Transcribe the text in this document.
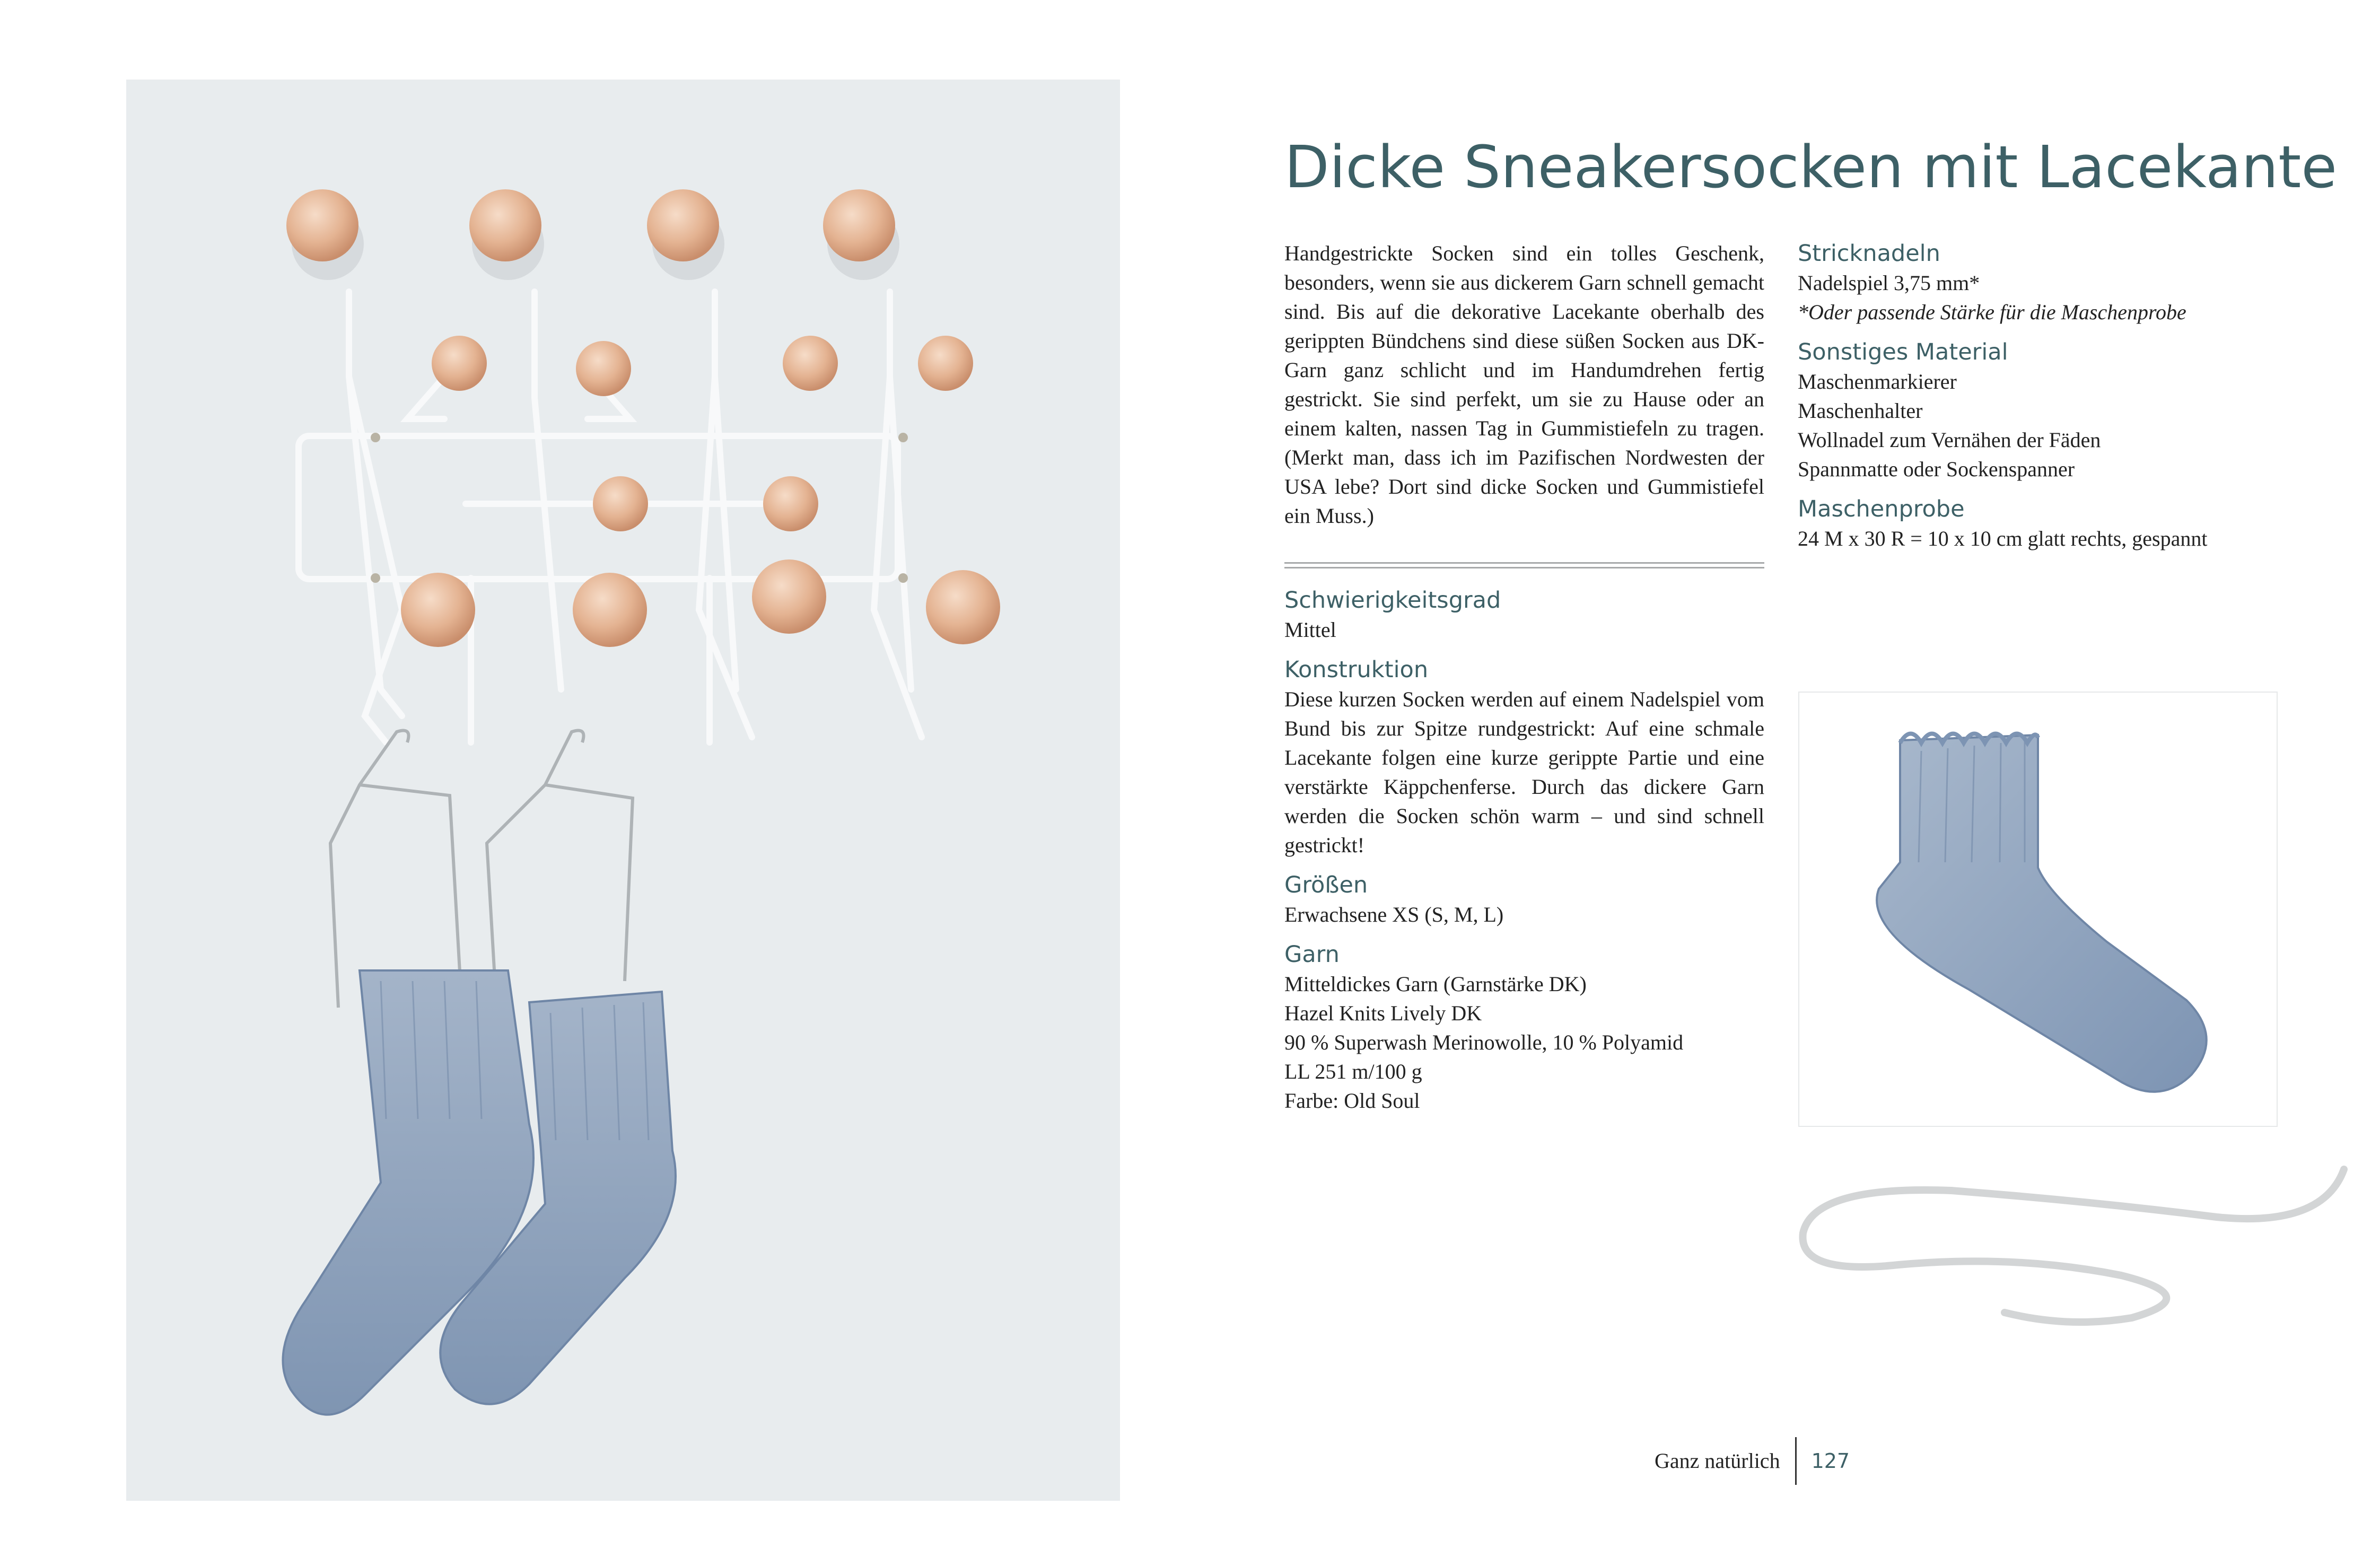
Dicke Sneakersocken mit Lacekante

Handgestrickte Socken sind ein tolles Geschenk, besonders, wenn sie aus dickerem Garn schnell gemacht sind. Bis auf die dekorative Lacekante oberhalb des gerippten Bündchens sind diese süßen Socken aus DK-Garn ganz schlicht und im Handumdrehen fertig gestrickt. Sie sind perfekt, um sie zu Hause oder an einem kalten, nassen Tag in Gummistiefeln zu tragen. (Merkt man, dass ich im Pazifischen Nordwesten der USA lebe? Dort sind dicke Socken und Gummistiefel ein Muss.)

Schwierigkeitsgrad

Mittel

Konstruktion

Diese kurzen Socken werden auf einem Nadelspiel vom Bund bis zur Spitze rundgestrickt: Auf eine schmale Lacekante folgen eine kurze gerippte Partie und eine verstärkte Käppchenferse. Durch das dickere Garn werden die Socken schön warm – und sind schnell gestrickt!

Größen

Erwachsene XS (S, M, L)

Garn

Mitteldickes Garn (Garnstärke DK)

Hazel Knits Lively DK

90 % Superwash Merinowolle, 10 % Polyamid

LL 251 m/100 g

Farbe: Old Soul

Stricknadeln

Nadelspiel 3,75 mm*

*Oder passende Stärke für die Maschenprobe

Sonstiges Material

Maschenmarkierer

Maschenhalter

Wollnadel zum Vernähen der Fäden

Spannmatte oder Sockenspanner

Maschenprobe

24 M x 30 R = 10 x 10 cm glatt rechts, gespannt

Ganz natürlich	127
